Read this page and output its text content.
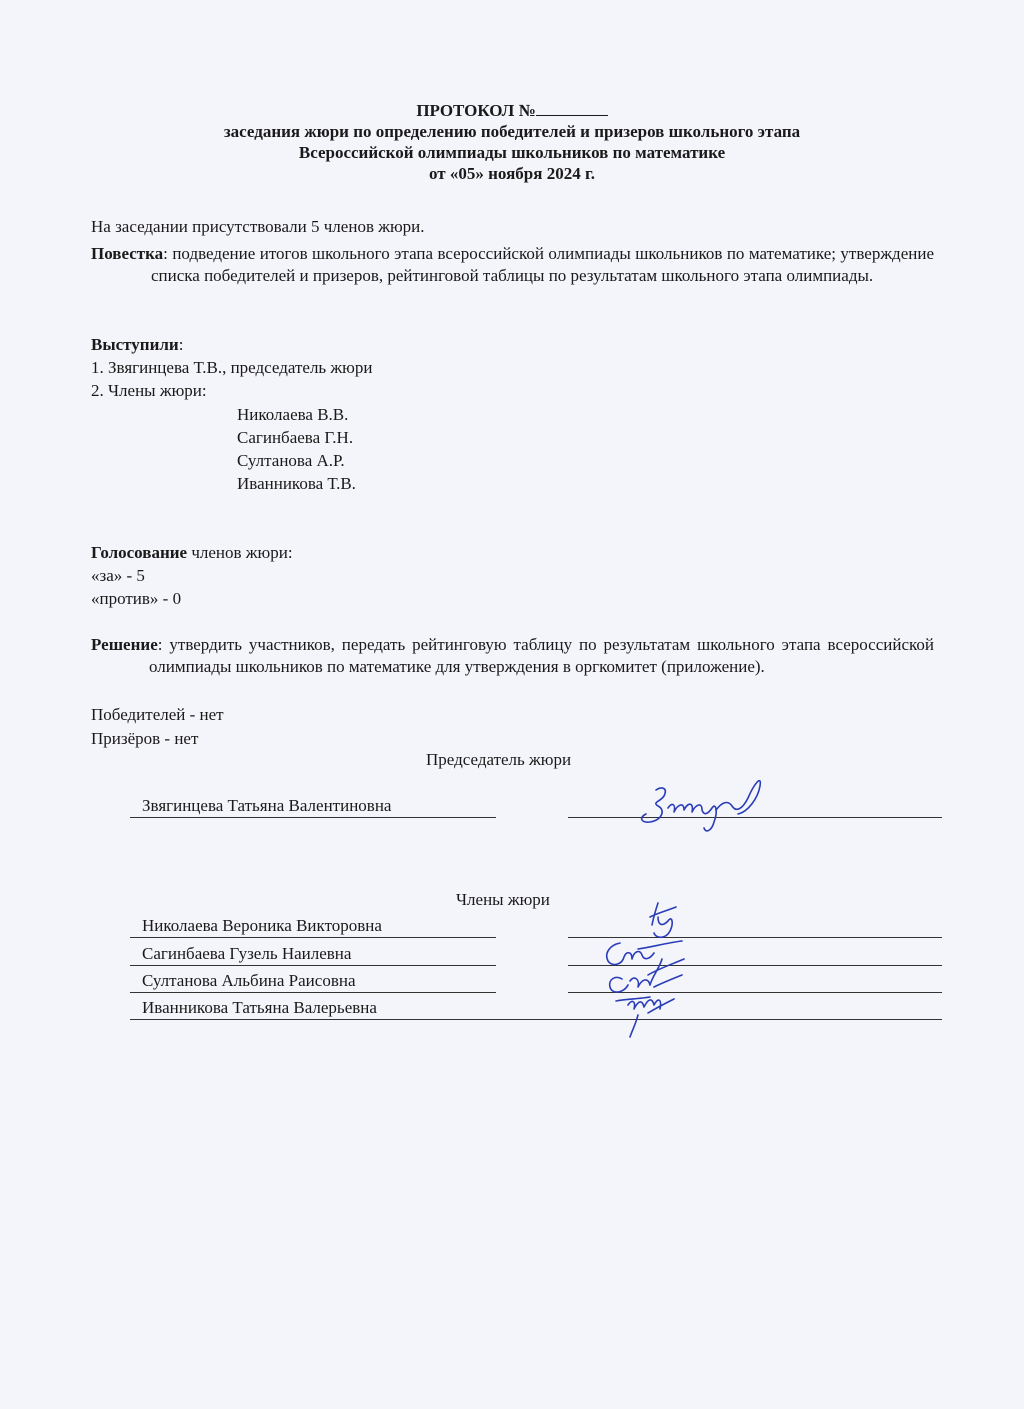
ПРОТОКОЛ №
заседания жюри по определению победителей и призеров школьного этапа
Всероссийской олимпиады школьников по математике
от «05» ноября 2024 г.
На заседании присутствовали 5 членов жюри.
Повестка: подведение итогов школьного этапа всероссийской олимпиады школьников по математике; утверждение списка победителей и призеров, рейтинговой таблицы по результатам школьного этапа олимпиады.
Выступили:
1. Звягинцева Т.В., председатель жюри
2. Члены жюри:
Николаева В.В.
Сагинбаева Г.Н.
Султанова А.Р.
Иванникова Т.В.
Голосование членов жюри:
«за» - 5
«против» - 0
Решение: утвердить участников, передать рейтинговую таблицу по результатам школьного этапа всероссийской олимпиады школьников по математике для утверждения в оргкомитет (приложение).
Победителей - нет
Призёров - нет
Председатель жюри
Звягинцева Татьяна Валентиновна
Члены жюри
Николаева Вероника Викторовна
Сагинбаева Гузель Наилевна
Султанова Альбина Раисовна
Иванникова Татьяна Валерьевна
